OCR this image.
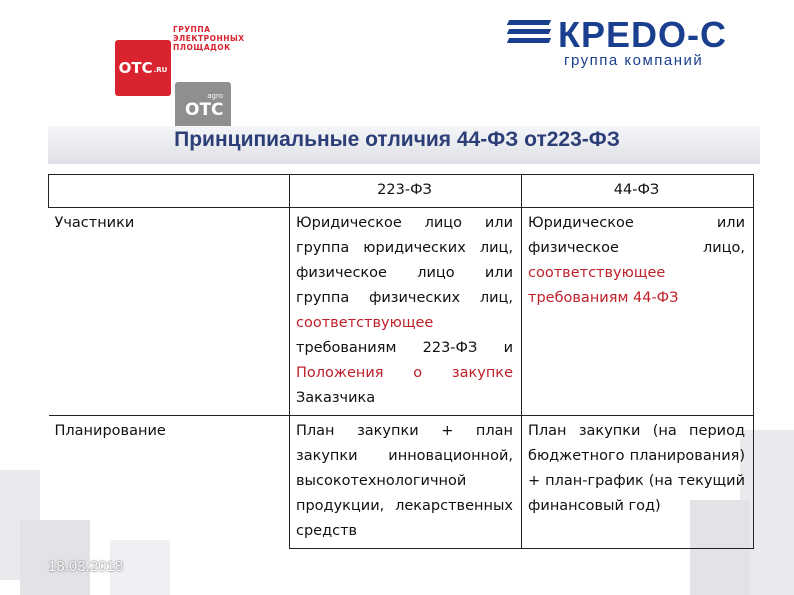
ГРУППА
ЭЛЕКТРОННЫХ
ПЛОЩАДОК
OTC .RU
agro
OTC
КРЕDO-С
группа компаний
Принципиальные отличия 44-ФЗ от223-ФЗ
	223-ФЗ	44-ФЗ
Участники	Юридическое лицо или группа юридических лиц, физическое лицо или группа физических лиц, соответствующее требованиям 223-ФЗ и Положения о закупке Заказчика	Юридическое или физическое лицо, соответствующее требованиям 44-ФЗ
Планирование	План закупки + план закупки инновационной, высокотехнологичной продукции, лекарственных средств	План закупки (на период бюджетного планирования) + план-график (на текущий финансовый год)
18.03.2018
